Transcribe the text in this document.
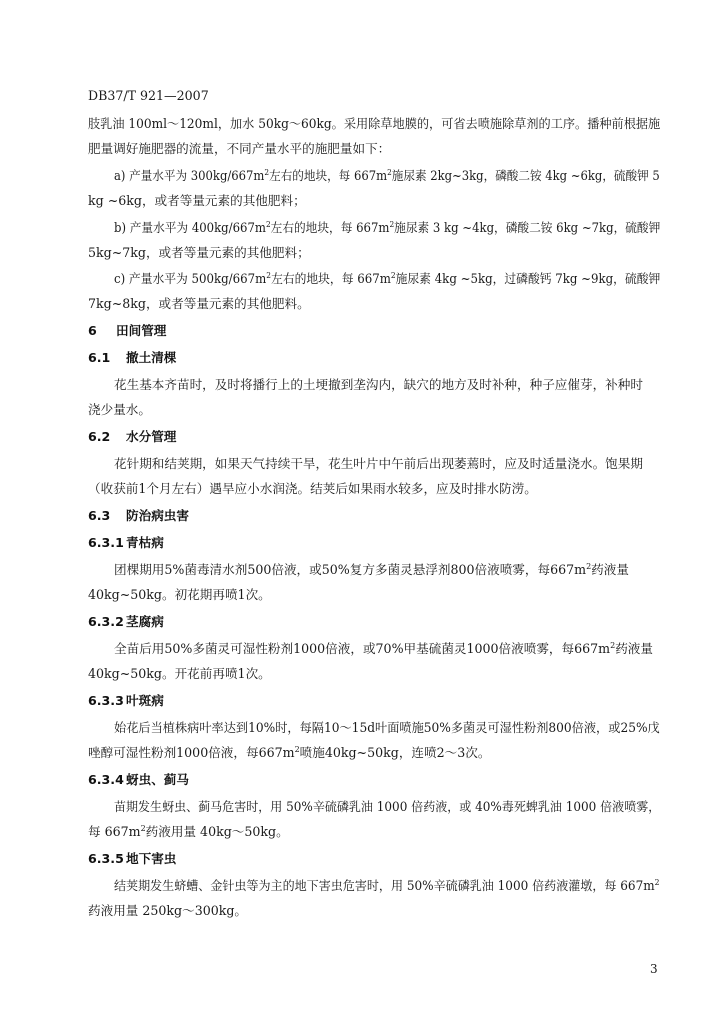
DB37/T 921—2007
肢乳油 100ml～120ml，加水 50kg～60kg。采用除草地膜的，可省去喷施除草剂的工序。播种前根据施
肥量调好施肥器的流量，不同产量水平的施肥量如下：
a) 产量水平为 $300kg/667m^2$左右的地块，每 $667m^2$施尿素 2kg~3kg，磷酸二铵 4kg ~6kg，硫酸钾 5
kg ~6kg，或者等量元素的其他肥料；
b) 产量水平为 $400kg/667m^2$左右的地块，每 $667m^2$施尿素 3 kg ~4kg，磷酸二铵 6kg ~7kg，硫酸钾
5kg~7kg，或者等量元素的其他肥料；
c) 产量水平为 $500kg/667m^2$左右的地块，每 $667m^2$施尿素 4kg ~5kg，过磷酸钙 7kg ~9kg，硫酸钾
7kg~8kg，或者等量元素的其他肥料。
6 田间管理
6.1 撤土清棵
花生基本齐苗时，及时将播行上的土埂撤到垄沟内，缺穴的地方及时补种，种子应催芽，补种时
浇少量水。
6.2 水分管理
花针期和结荚期，如果天气持续干旱，花生叶片中午前后出现萎蔫时，应及时适量浇水。饱果期
（收获前1个月左右）遇旱应小水润浇。结荚后如果雨水较多，应及时排水防涝。
6.3 防治病虫害
6.3.1 青枯病
团棵期用5%菌毒清水剂500倍液，或50%复方多菌灵悬浮剂800倍液喷雾，每$667m^2$药液量
40kg~50kg。初花期再喷1次。
6.3.2 茎腐病
全苗后用50%多菌灵可湿性粉剂1000倍液，或70%甲基硫菌灵1000倍液喷雾，每$667m^2$药液量
40kg~50kg。开花前再喷1次。
6.3.3 叶斑病
始花后当植株病叶率达到10%时，每隔10～15d叶面喷施50%多菌灵可湿性粉剂800倍液，或25%戊
唑醇可湿性粉剂1000倍液，每$667m^2$喷施40kg~50kg，连喷2～3次。
6.3.4 蚜虫、蓟马
苗期发生蚜虫、蓟马危害时，用 50%辛硫磷乳油 1000 倍药液，或 40%毒死蜱乳油 1000 倍液喷雾，
每 $667m^2$药液用量 40kg～50kg。
6.3.5 地下害虫
结荚期发生蛴螬、金针虫等为主的地下害虫危害时，用 50%辛硫磷乳油 1000 倍药液灌墩，每 $667m^2$
药液用量 250kg～300kg。
3
